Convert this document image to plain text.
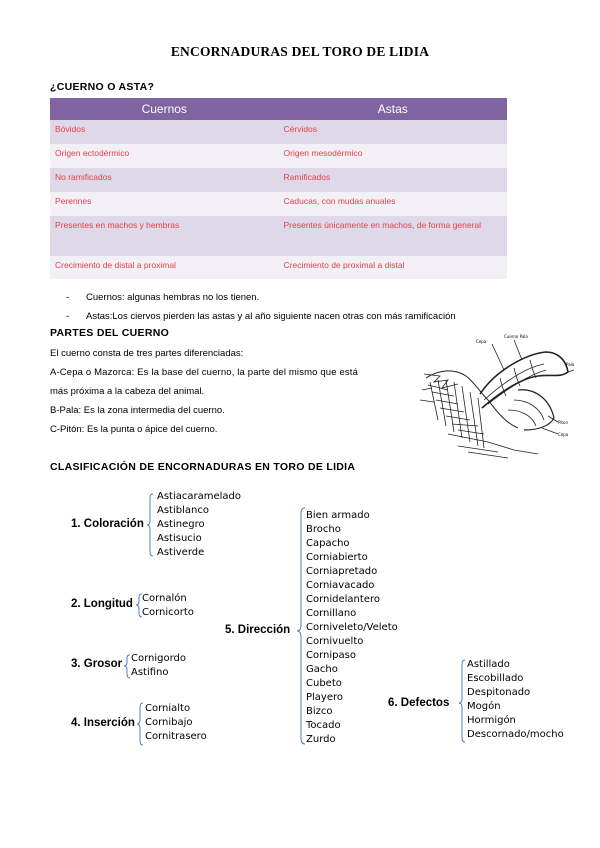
ENCORNADURAS DEL TORO DE LIDIA
¿CUERNO O ASTA?
Cuernos	Astas
Bóvidos	Cérvidos
Origen ectodérmico	Origen mesodérmico
No ramificados	Ramificados
Perennes	Caducas, con mudas anuales
Presentes en machos y hembras	Presentes únicamente en machos, de forma general
Crecimiento de distal a proximal	Crecimiento de proximal a distal
- Cuernos: algunas hembras no los tienen.
- Astas:Los ciervos pierden las astas y al año siguiente nacen otras con más ramificación
PARTES DEL CUERNO
El cuerno consta de tres partes diferenciadas:
A-Cepa o Mazorca: Es la base del cuerno, la parte del mismo que está
más próxima a la cabeza del animal.
B-Pala: Es la zona intermedia del cuerno.
C-Pitón: Es la punta o ápice del cuerno.
Cepa
Cuerno Pala
Pala
Piton
Cepa
CLASIFICACIÓN DE ENCORNADURAS EN TORO DE LIDIA
1. Coloración
Astiacaramelado
Astiblanco
Astinegro
Astisucio
Astiverde
2. Longitud Cornalón
Cornicorto
3. Grosor Cornigordo
Astifino
4. Inserción
Cornialto
Cornibajo
Cornitrasero
5. Dirección
Bien armado
Brocho
Capacho
Corniabierto
Corniapretado
Corniavacado
Cornidelantero
Cornillano
Corniveleto/Veleto
Cornivuelto
Cornipaso
Gacho
Cubeto
Playero
Bizco
Tocado
Zurdo
6. Defectos
Astillado
Escobillado
Despitonado
Mogón
Hormigón
Descornado/mocho
